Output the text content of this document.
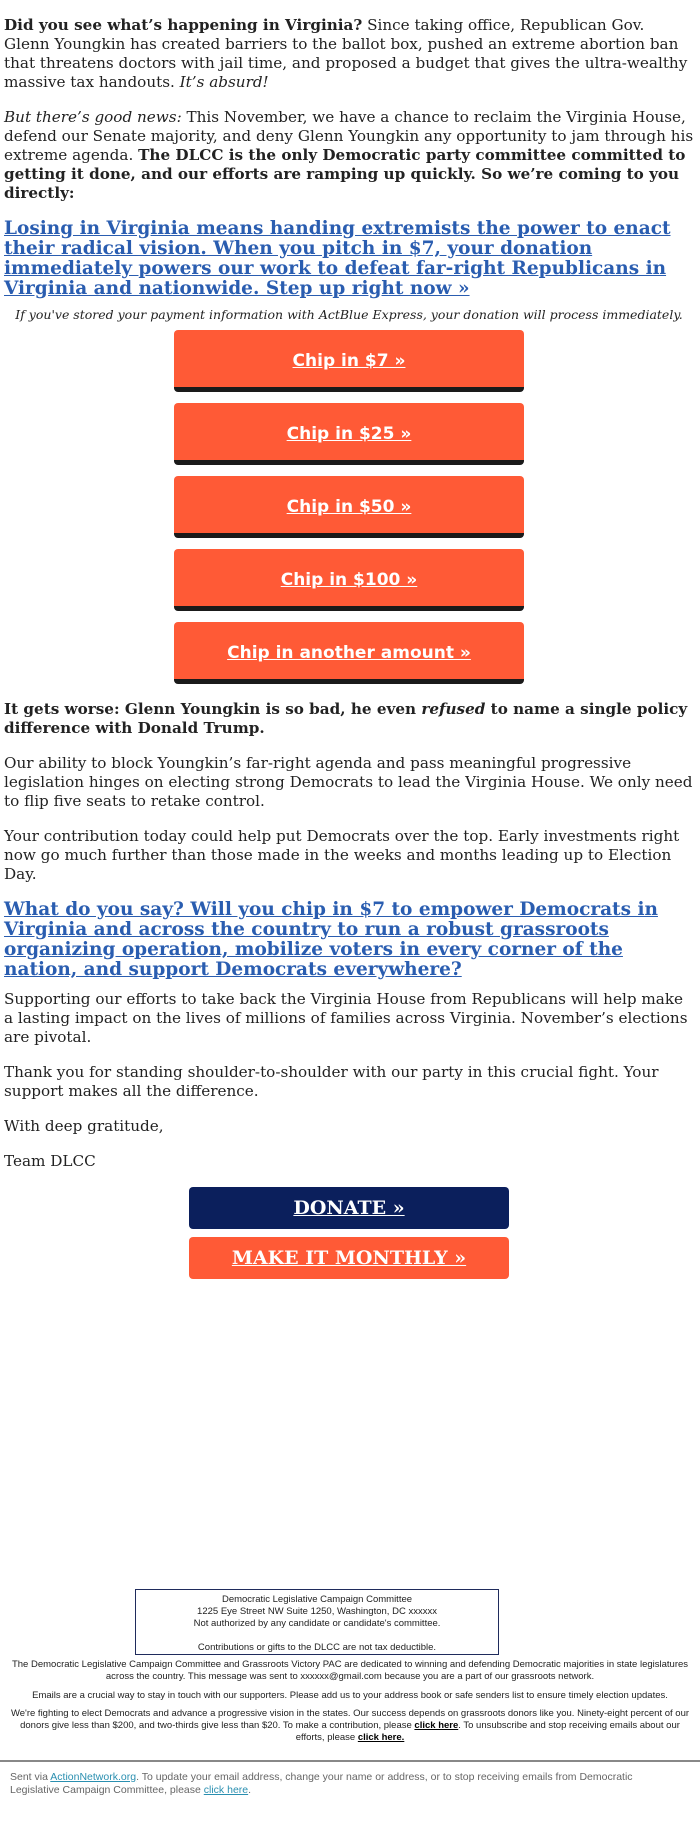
Did you see what’s happening in Virginia? Since taking office, Republican Gov. Glenn Youngkin has created barriers to the ballot box, pushed an extreme abortion ban that threatens doctors with jail time, and proposed a budget that gives the ultra-wealthy massive tax handouts. It’s absurd!

But there’s good news: This November, we have a chance to reclaim the Virginia House, defend our Senate majority, and deny Glenn Youngkin any opportunity to jam through his extreme agenda. The DLCC is the only Democratic party committee committed to getting it done, and our efforts are ramping up quickly. So we’re coming to you directly:

Losing in Virginia means handing extremists the power to enact their radical vision. When you pitch in $7, your donation immediately powers our work to defeat far-right Republicans in Virginia and nationwide. Step up right now »
If you've stored your payment information with ActBlue Express, your donation will process immediately.
Chip in $7 »
Chip in $25 »
Chip in $50 »
Chip in $100 »
Chip in another amount »

It gets worse: Glenn Youngkin is so bad, he even refused to name a single policy difference with Donald Trump.

Our ability to block Youngkin’s far-right agenda and pass meaningful progressive legislation hinges on electing strong Democrats to lead the Virginia House. We only need to flip five seats to retake control.

Your contribution today could help put Democrats over the top. Early investments right now go much further than those made in the weeks and months leading up to Election Day.

What do you say? Will you chip in $7 to empower Democrats in Virginia and across the country to run a robust grassroots organizing operation, mobilize voters in every corner of the nation, and support Democrats everywhere?

Supporting our efforts to take back the Virginia House from Republicans will help make a lasting impact on the lives of millions of families across Virginia. November’s elections are pivotal.

Thank you for standing shoulder-to-shoulder with our party in this crucial fight. Your support makes all the difference.

With deep gratitude,

Team DLCC

DONATE »
MAKE IT MONTHLY »
Democratic Legislative Campaign Committee
1225 Eye Street NW Suite 1250, Washington, DC xxxxxx
Not authorized by any candidate or candidate's committee.
Contributions or gifts to the DLCC are not tax deductible.
The Democratic Legislative Campaign Committee and Grassroots Victory PAC are dedicated to winning and defending Democratic majorities in state legislatures across the country. This message was sent to xxxxxx@gmail.com because you are a part of our grassroots network.
Emails are a crucial way to stay in touch with our supporters. Please add us to your address book or safe senders list to ensure timely election updates.
We're fighting to elect Democrats and advance a progressive vision in the states. Our success depends on grassroots donors like you. Ninety-eight percent of our donors give less than $200, and two-thirds give less than $20. To make a contribution, please click here. To unsubscribe and stop receiving emails about our efforts, please click here.
Sent via ActionNetwork.org. To update your email address, change your name or address, or to stop receiving emails from Democratic Legislative Campaign Committee, please click here.
